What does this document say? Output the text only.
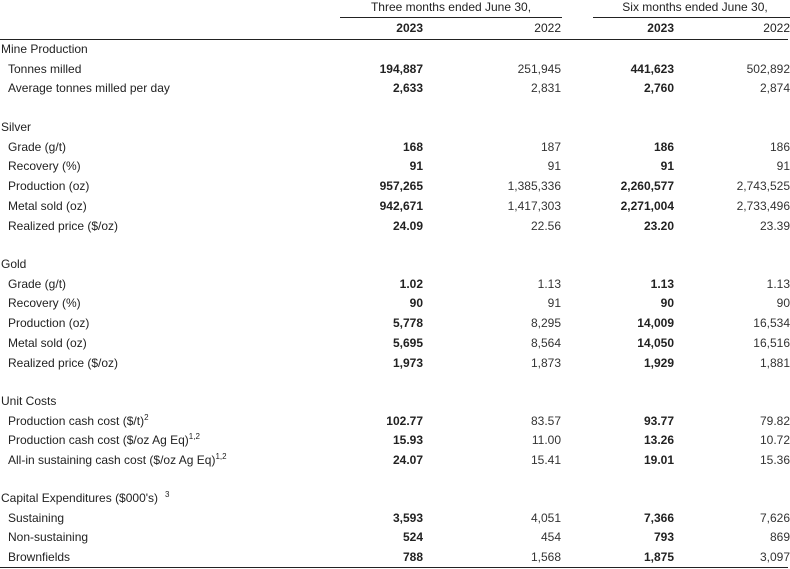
Three months ended June 30,	Six months ended June 30,
2023	2022	2023	2022
Mine Production
Tonnes milled	194,887	251,945	441,623	502,892
Average tonnes milled per day	2,633	2,831	2,760	2,874
Silver
Grade (g/t)	168	187	186	186
Recovery (%)	91	91	91	91
Production (oz)	957,265	1,385,336	2,260,577	2,743,525
Metal sold (oz)	942,671	1,417,303	2,271,004	2,733,496
Realized price ($/oz)	24.09	22.56	23.20	23.39
Gold
Grade (g/t)	1.02	1.13	1.13	1.13
Recovery (%)	90	91	90	90
Production (oz)	5,778	8,295	14,009	16,534
Metal sold (oz)	5,695	8,564	14,050	16,516
Realized price ($/oz)	1,973	1,873	1,929	1,881
Unit Costs
Production cash cost ($/t)$^2$	102.77	83.57	93.77	79.82
Production cash cost ($/oz Ag Eq)$^{1,2}$	15.93	11.00	13.26	10.72
All-in sustaining cash cost ($/oz Ag Eq)$^{1,2}$	24.07	15.41	19.01	15.36
Capital Expenditures ($000's) 3
Sustaining	3,593	4,051	7,366	7,626
Non-sustaining	524	454	793	869
Brownfields	788	1,568	1,875	3,097
